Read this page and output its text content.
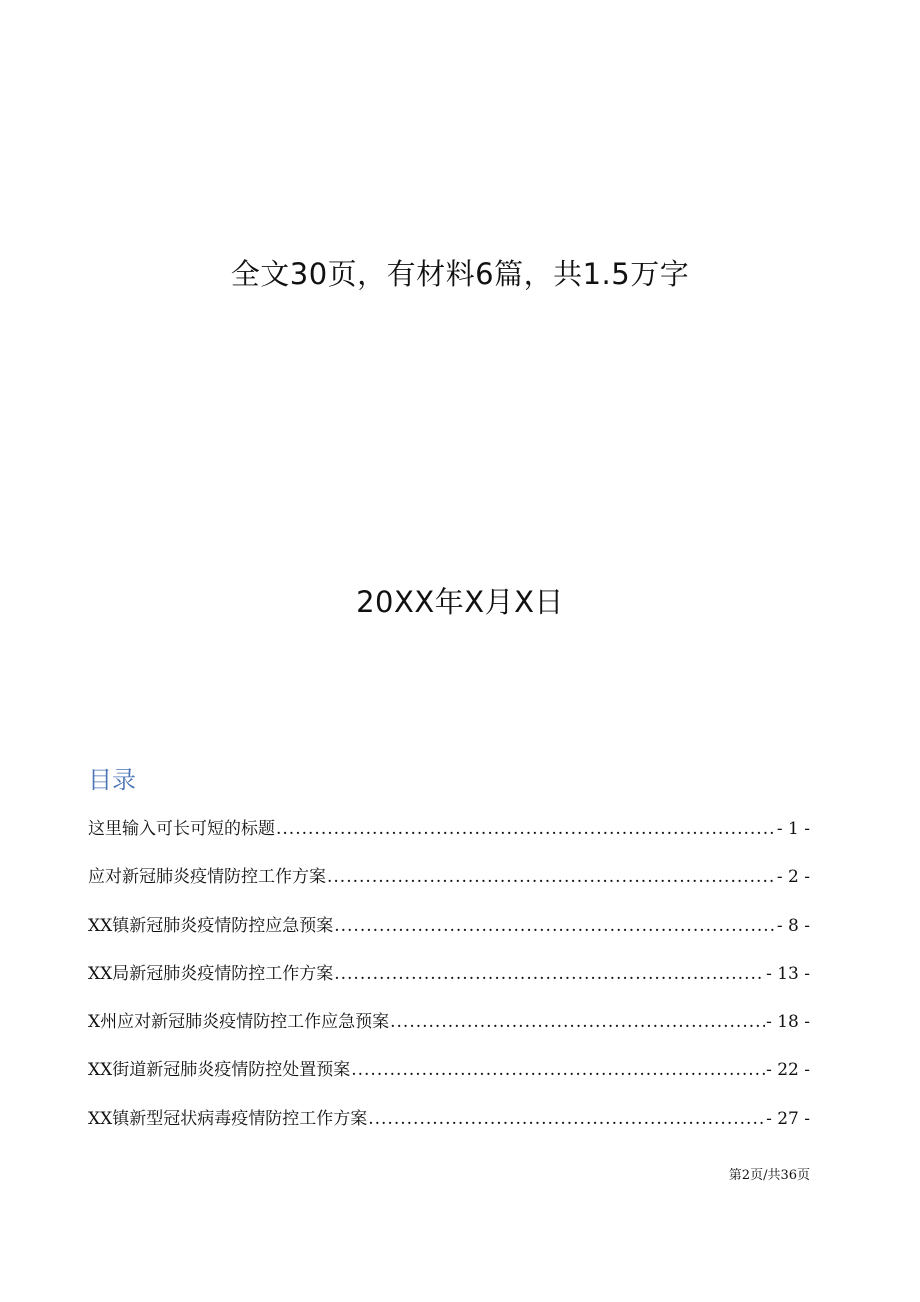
全文30页，有材料6篇，共1.5万字
20XX年X月X日
目录
这里输入可长可短的标题 .....	- 1 -
应对新冠肺炎疫情防控工作方案 .....	- 2 -
XX镇新冠肺炎疫情防控应急预案 .....	- 8 -
XX局新冠肺炎疫情防控工作方案 .....	- 13 -
X州应对新冠肺炎疫情防控工作应急预案 .....	- 18 -
XX街道新冠肺炎疫情防控处置预案 .....	- 22 -
XX镇新型冠状病毒疫情防控工作方案 .....	- 27 -
第2页/共36页
